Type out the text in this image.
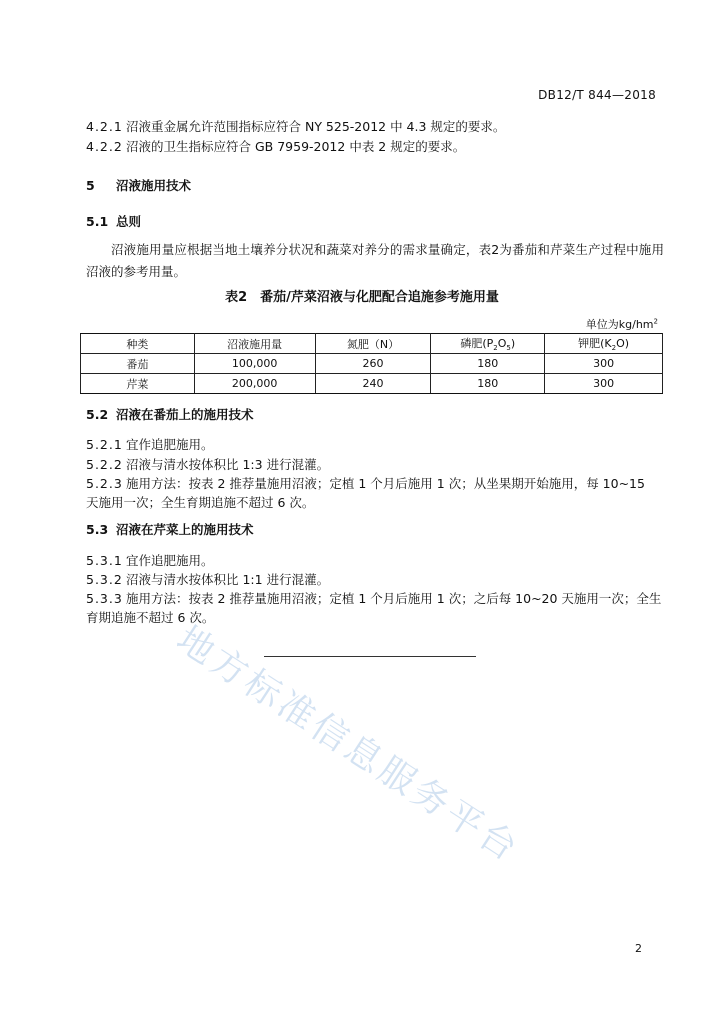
DB12/T 844—2018
4.2.1 沼液重金属允许范围指标应符合 NY 525-2012 中 4.3 规定的要求。
4.2.2 沼液的卫生指标应符合 GB 7959-2012 中表 2 规定的要求。
5 沼液施用技术
5.1 总则
沼液施用量应根据当地土壤养分状况和蔬菜对养分的需求量确定，表2为番茄和芹菜生产过程中施用沼液的参考用量。
表2　番茄/芹菜沼液与化肥配合追施参考施用量
单位为$kg/hm^2$
种类	沼液施用量	氮肥（N）	磷肥$(P_2O_5)$	钾肥$(K_2O)$
番茄	100,000	260	180	300
芹菜	200,000	240	180	300
5.2 沼液在番茄上的施用技术
5.2.1 宜作追肥施用。
5.2.2 沼液与清水按体积比 1:3 进行混灌。
5.2.3 施用方法：按表 2 推荐量施用沼液；定植 1 个月后施用 1 次；从坐果期开始施用，每 10~15
天施用一次；全生育期追施不超过 6 次。
5.3 沼液在芹菜上的施用技术
5.3.1 宜作追肥施用。
5.3.2 沼液与清水按体积比 1:1 进行混灌。
5.3.3 施用方法：按表 2 推荐量施用沼液；定植 1 个月后施用 1 次；之后每 10~20 天施用一次；全生
育期追施不超过 6 次。
地方标准信息服务平台
2
